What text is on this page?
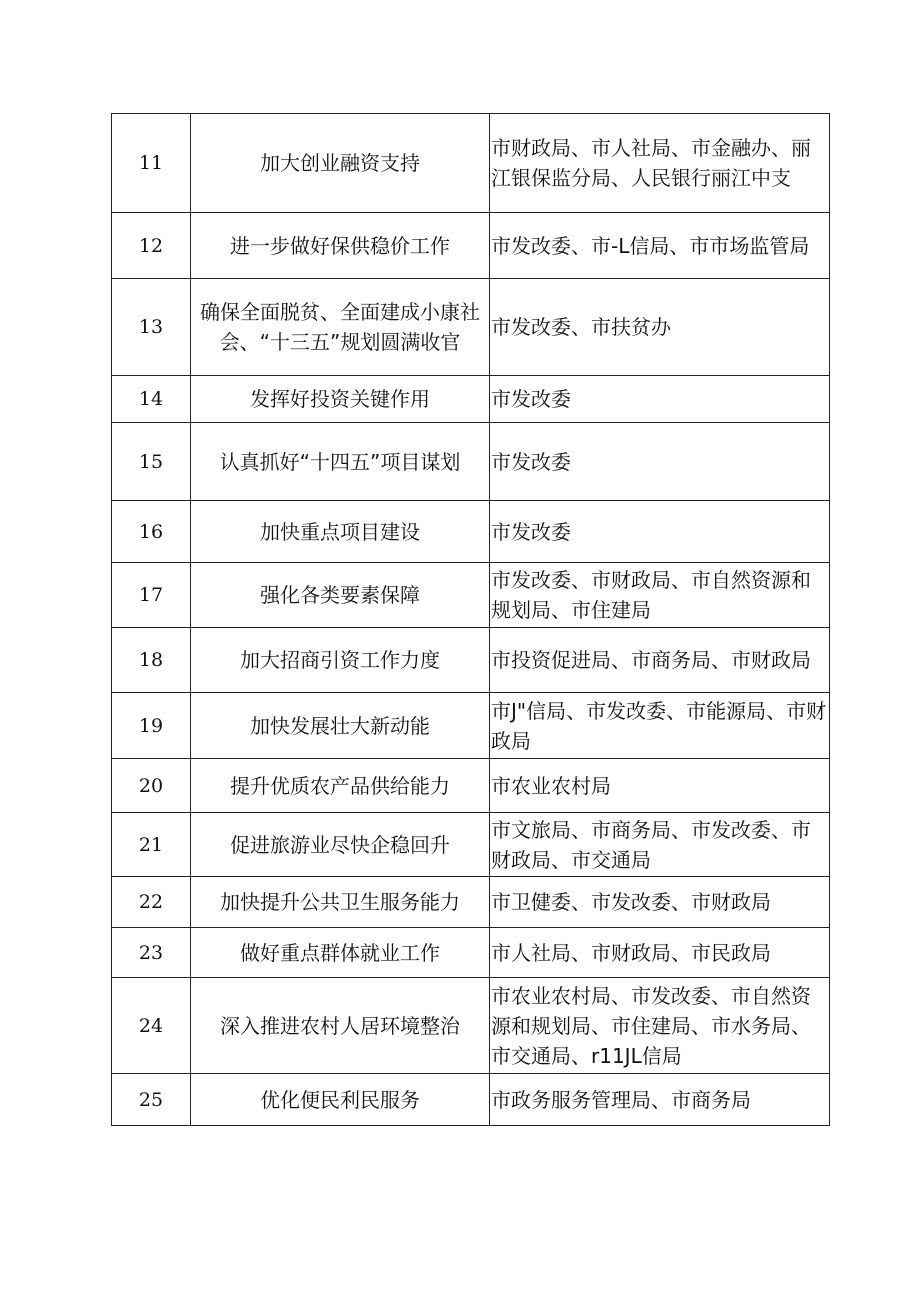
11	加大创业融资支持	市财政局、市人社局、市金融办、丽江银保监分局、人民银行丽江中支

12	进一步做好保供稳价工作	市发改委、市-L信局、市市场监管局

13	确保全面脱贫、全面建成小康社会、“十三五”规划圆满收官	市发改委、市扶贫办

14	发挥好投资关键作用	市发改委

15	认真抓好“十四五”项目谋划	市发改委

16	加快重点项目建设	市发改委

17	强化各类要素保障	市发改委、市财政局、市自然资源和规划局、市住建局

18	加大招商引资工作力度	市投资促进局、市商务局、市财政局

19	加快发展壮大新动能	市J"信局、市发改委、市能源局、市财政局

20	提升优质农产品供给能力	市农业农村局

21	促进旅游业尽快企稳回升	市文旅局、市商务局、市发改委、市财政局、市交通局

22	加快提升公共卫生服务能力	市卫健委、市发改委、市财政局

23	做好重点群体就业工作	市人社局、市财政局、市民政局

24	深入推进农村人居环境整治	市农业农村局、市发改委、市自然资源和规划局、市住建局、市水务局、市交通局、r11JL信局

25	优化便民利民服务	市政务服务管理局、市商务局
